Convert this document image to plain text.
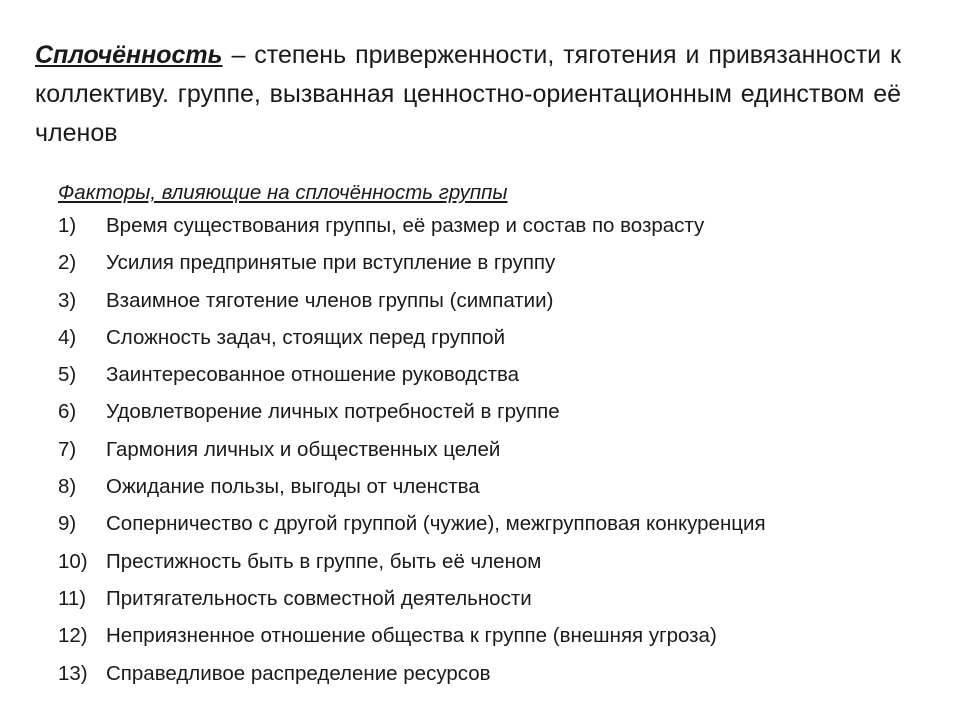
Сплочённость – степень приверженности, тяготения и привязанности к коллективу. группе, вызванная ценностно-ориентационным единством её членов

Факторы, влияющие на сплочённость группы
1)	Время существования группы, её размер и состав по возрасту
2)	Усилия предпринятые при вступление в группу
3)	Взаимное тяготение членов группы (симпатии)
4)	Сложность задач, стоящих перед группой
5)	Заинтересованное отношение руководства
6)	Удовлетворение личных потребностей в группе
7)	Гармония личных и общественных целей
8)	Ожидание пользы, выгоды от членства
9)	Соперничество с другой группой (чужие), межгрупповая конкуренция
10) Престижность быть в группе, быть её членом
11) Притягательность совместной деятельности
12) Неприязненное отношение общества к группе (внешняя угроза)
13) Справедливое распределение ресурсов
